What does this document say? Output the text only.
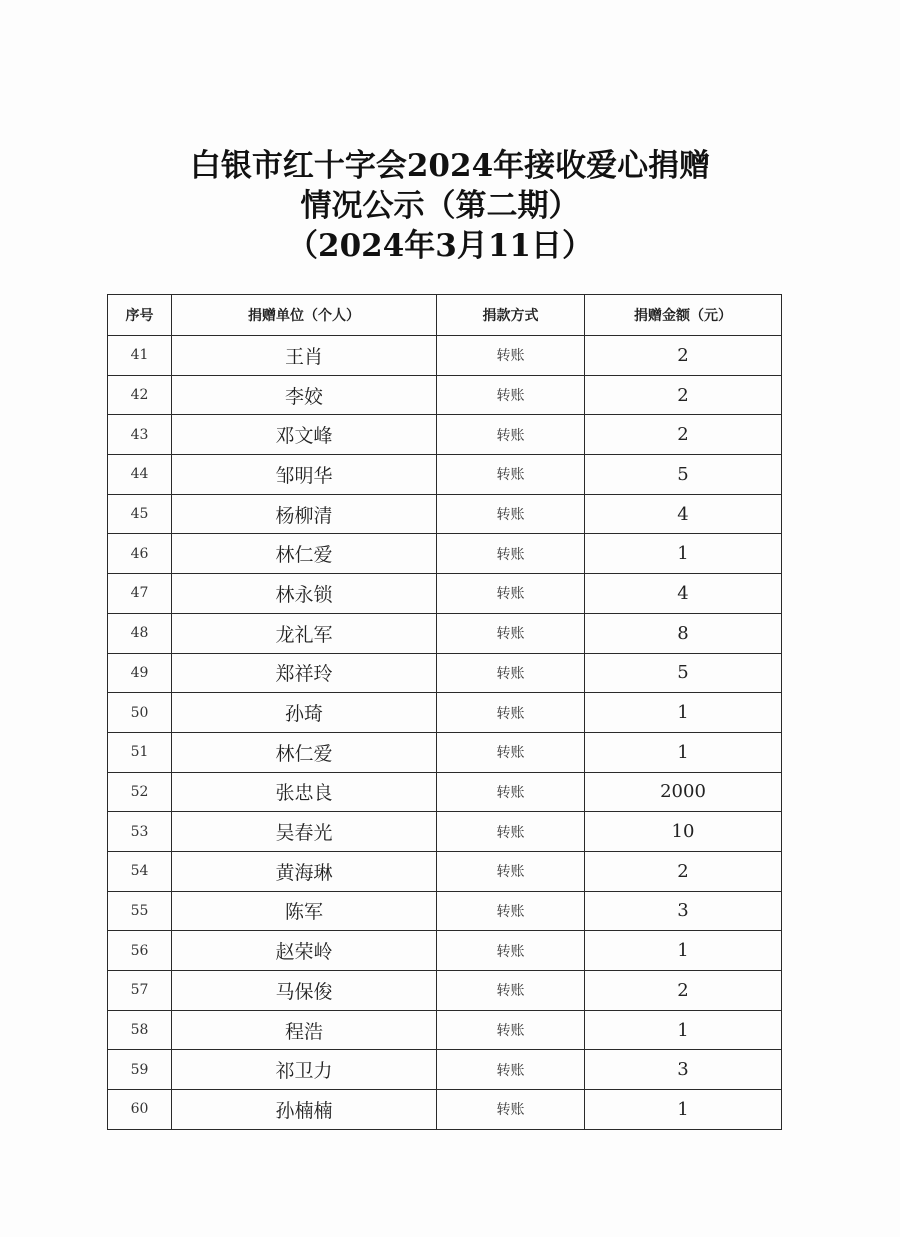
白银市红十字会2024年接收爱心捐赠
情况公示（第二期）
（2024年3月11日）
序号	捐赠单位（个人）	捐款方式	捐赠金额（元）
41	王肖	转账	2
42	李姣	转账	2
43	邓文峰	转账	2
44	邹明华	转账	5
45	杨柳清	转账	4
46	林仁爱	转账	1
47	林永锁	转账	4
48	龙礼军	转账	8
49	郑祥玲	转账	5
50	孙琦	转账	1
51	林仁爱	转账	1
52	张忠良	转账	2000
53	吴春光	转账	10
54	黄海琳	转账	2
55	陈军	转账	3
56	赵荣岭	转账	1
57	马保俊	转账	2
58	程浩	转账	1
59	祁卫力	转账	3
60	孙楠楠	转账	1
